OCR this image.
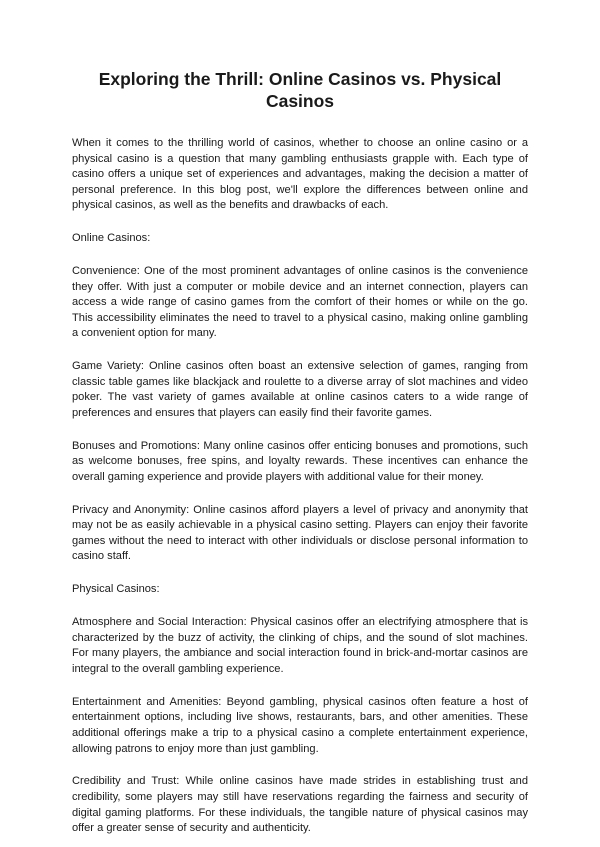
Exploring the Thrill: Online Casinos vs. Physical Casinos

When it comes to the thrilling world of casinos, whether to choose an online casino or a physical casino is a question that many gambling enthusiasts grapple with. Each type of casino offers a unique set of experiences and advantages, making the decision a matter of personal preference. In this blog post, we'll explore the differences between online and physical casinos, as well as the benefits and drawbacks of each.

Online Casinos:

Convenience: One of the most prominent advantages of online casinos is the convenience they offer. With just a computer or mobile device and an internet connection, players can access a wide range of casino games from the comfort of their homes or while on the go. This accessibility eliminates the need to travel to a physical casino, making online gambling a convenient option for many.

Game Variety: Online casinos often boast an extensive selection of games, ranging from classic table games like blackjack and roulette to a diverse array of slot machines and video poker. The vast variety of games available at online casinos caters to a wide range of preferences and ensures that players can easily find their favorite games.

Bonuses and Promotions: Many online casinos offer enticing bonuses and promotions, such as welcome bonuses, free spins, and loyalty rewards. These incentives can enhance the overall gaming experience and provide players with additional value for their money.

Privacy and Anonymity: Online casinos afford players a level of privacy and anonymity that may not be as easily achievable in a physical casino setting. Players can enjoy their favorite games without the need to interact with other individuals or disclose personal information to casino staff.

Physical Casinos:

Atmosphere and Social Interaction: Physical casinos offer an electrifying atmosphere that is characterized by the buzz of activity, the clinking of chips, and the sound of slot machines. For many players, the ambiance and social interaction found in brick-and-mortar casinos are integral to the overall gambling experience.

Entertainment and Amenities: Beyond gambling, physical casinos often feature a host of entertainment options, including live shows, restaurants, bars, and other amenities. These additional offerings make a trip to a physical casino a complete entertainment experience, allowing patrons to enjoy more than just gambling.

Credibility and Trust: While online casinos have made strides in establishing trust and credibility, some players may still have reservations regarding the fairness and security of digital gaming platforms. For these individuals, the tangible nature of physical casinos may offer a greater sense of security and authenticity.
